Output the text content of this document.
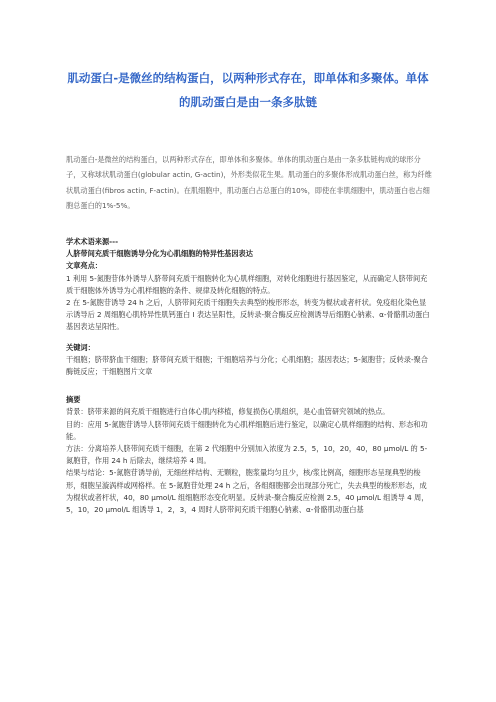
肌动蛋白-是微丝的结构蛋白，以两种形式存在，即单体和多聚体。单体的肌动蛋白是由一条多肽链

肌动蛋白-是微丝的结构蛋白，以两种形式存在，即单体和多聚体。单体的肌动蛋白是由一条多肽链构成的球形分子，又称球状肌动蛋白(globular actin, G-actin)，外形类似花生果。肌动蛋白的多聚体形成肌动蛋白丝，称为纤维状肌动蛋白(fibros actin, F-actin)。在肌细胞中，肌动蛋白占总蛋白的10%，即使在非肌细胞中，肌动蛋白也占细胞总蛋白的1%-5%。

学术术语来源---

人脐带间充质干细胞诱导分化为心肌细胞的特异性基因表达

文章亮点：

1 利用 5-氮胞苷体外诱导人脐带间充质干细胞转化为心肌样细胞，对转化细胞进行基因鉴定，从而确定人脐带间充质干细胞体外诱导为心肌样细胞的条件、规律及转化细胞的特点。

2 在 5-氮胞苷诱导 24 h 之后，人脐带间充质干细胞失去典型的梭形形态，转变为棍状或者杆状。免疫组化染色显示诱导后 2 周细胞心肌特异性肌钙蛋白 I 表达呈阳性，反转录-聚合酶反应检测诱导后细胞心钠素、α-骨骼肌动蛋白基因表达呈阳性。

关键词：

干细胞；脐带脐血干细胞；脐带间充质干细胞；干细胞培养与分化；心肌细胞；基因表达；5-氮胞苷；反转录-聚合酶链反应；干细胞图片文章

摘要

背景：脐带来源的间充质干细胞进行自体心肌内移植，修复损伤心肌组织，是心血管研究领域的热点。

目的：应用 5-氮胞苷诱导人脐带间充质干细胞转化为心肌样细胞后进行鉴定，以确定心肌样细胞的结构、形态和功能。

方法：分离培养人脐带间充质干细胞，在第 2 代细胞中分别加入浓度为 2.5，5，10，20，40，80 μmol/L 的 5-氮胞苷，作用 24 h 后除去，继续培养 4 周。

结果与结论：5-氮胞苷诱导前，无细丝样结构、无颗粒，胞浆量均匀且少，核/浆比例高，细胞形态呈现典型的梭形，细胞呈漩涡样或网格样。在 5-氮胞苷处理 24 h 之后，各组细胞都会出现部分死亡，失去典型的梭形形态，成为棍状或者杆状，40，80 μmol/L 组细胞形态变化明显。反转录-聚合酶反应检测 2.5，40 μmol/L 组诱导 4 周，5，10，20 μmol/L 组诱导 1，2，3，4 周时人脐带间充质干细胞心钠素、α-骨骼肌动蛋白基
